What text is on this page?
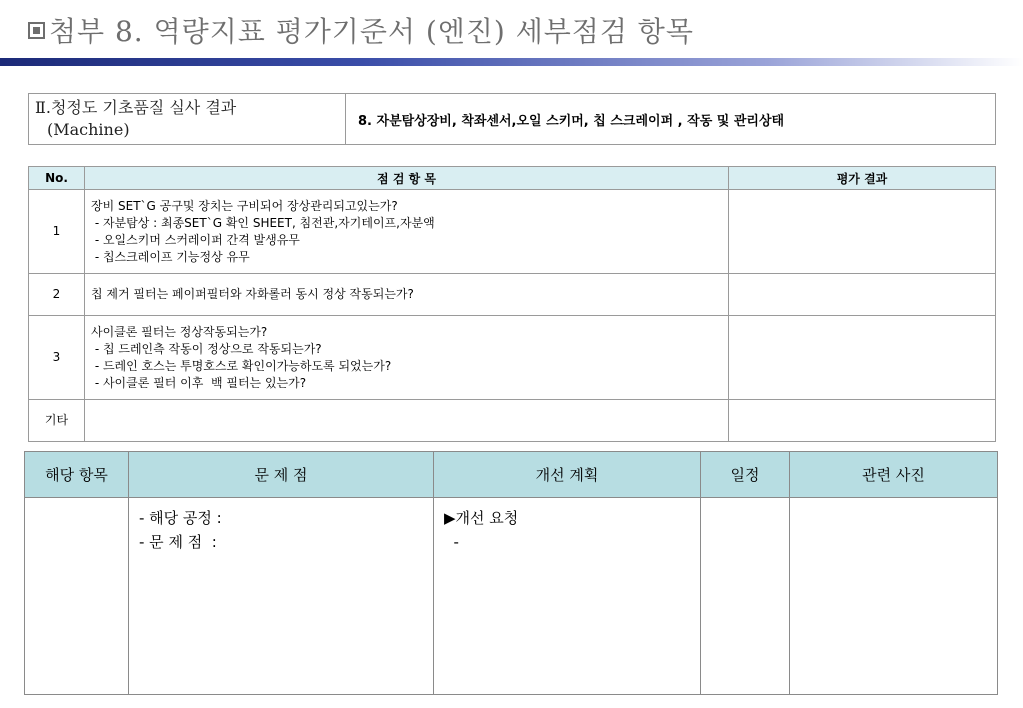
첨부 8. 역량지표 평가기준서 (엔진) 세부점검 항목
Ⅱ.청정도 기초품질 실사 결과
(Machine)	8. 자분탐상장비, 착좌센서,오일 스키머, 칩 스크레이퍼 , 작동 및 관리상태
No.	점 검 항 목	평가 결과
1	장비 SET`G 공구및 장치는 구비되어 장상관리되고있는가?
- 자분탐상 : 최종SET`G 확인 SHEET, 침전관,자기테이프,자분액
- 오일스키머 스커레이퍼 간격 발생유무
- 칩스크레이프 기능정상 유무	

2	칩 제거 필터는 페이퍼필터와 자화롤러 동시 정상 작동되는가?	

3	사이클론 필터는 정상작동되는가?
- 칩 드레인측 작동이 정상으로 작동되는가?
- 드레인 호스는 투명호스로 확인이가능하도록 되었는가?
- 사이클론 필터 이후  백 필터는 있는가?	

기타	

해당 항목	문 제 점	개선 계획	일정	관련 사진

	- 해당 공정 :
- 문 제 점  :	▶개선 요청
-		
